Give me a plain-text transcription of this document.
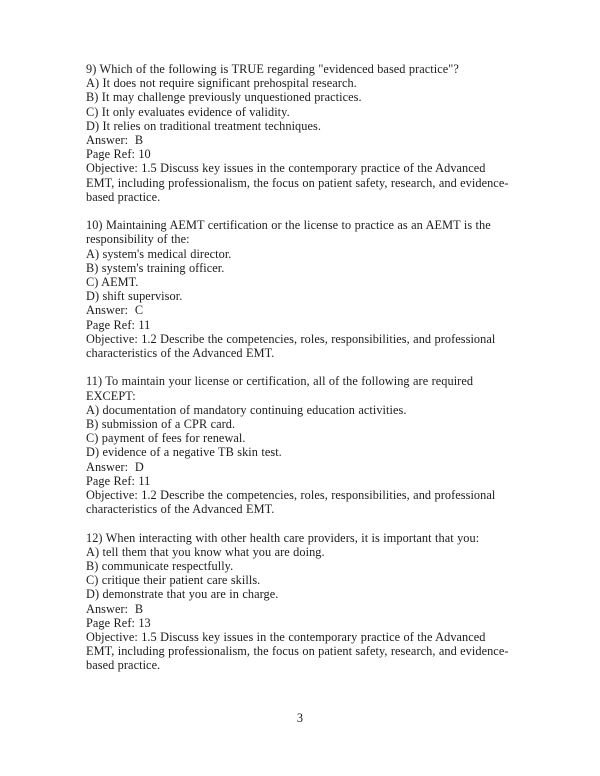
9) Which of the following is TRUE regarding "evidenced based practice"?

A) It does not require significant prehospital research.

B) It may challenge previously unquestioned practices.

C) It only evaluates evidence of validity.

D) It relies on traditional treatment techniques.

Answer:  B

Page Ref: 10

Objective: 1.5 Discuss key issues in the contemporary practice of the Advanced EMT, including professionalism, the focus on patient safety, research, and evidence-based practice.

10) Maintaining AEMT certification or the license to practice as an AEMT is the responsibility of the:

A) system's medical director.

B) system's training officer.

C) AEMT.

D) shift supervisor.

Answer:  C

Page Ref: 11

Objective: 1.2 Describe the competencies, roles, responsibilities, and professional characteristics of the Advanced EMT.

11) To maintain your license or certification, all of the following are required EXCEPT:

A) documentation of mandatory continuing education activities.

B) submission of a CPR card.

C) payment of fees for renewal.

D) evidence of a negative TB skin test.

Answer:  D

Page Ref: 11

Objective: 1.2 Describe the competencies, roles, responsibilities, and professional characteristics of the Advanced EMT.

12) When interacting with other health care providers, it is important that you:

A) tell them that you know what you are doing.

B) communicate respectfully.

C) critique their patient care skills.

D) demonstrate that you are in charge.

Answer:  B

Page Ref: 13

Objective: 1.5 Discuss key issues in the contemporary practice of the Advanced EMT, including professionalism, the focus on patient safety, research, and evidence-based practice.

3
